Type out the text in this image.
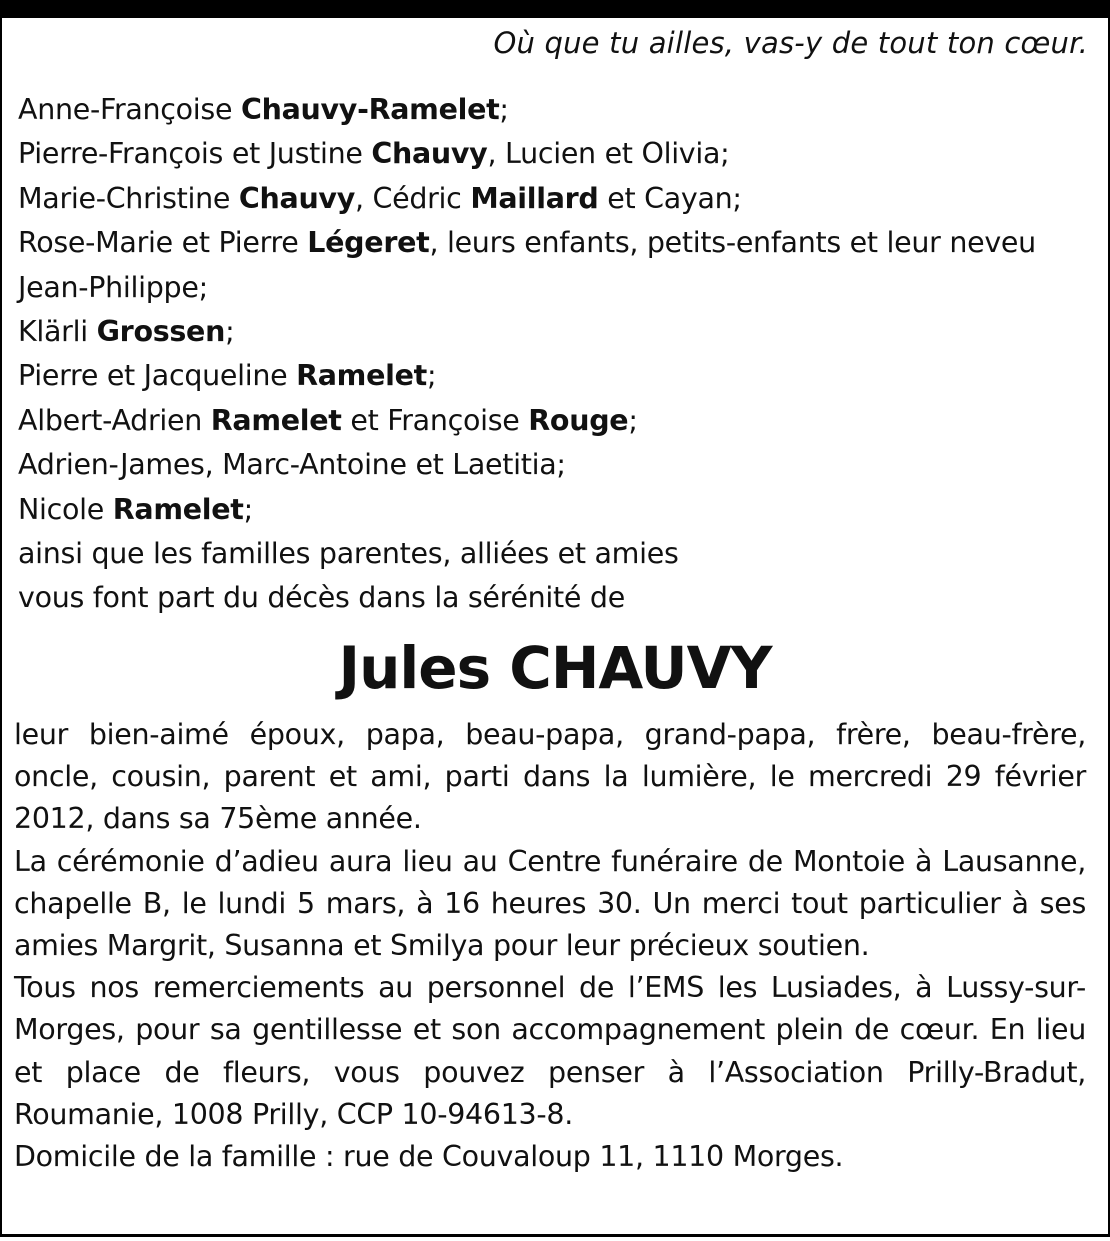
Où que tu ailles, vas-y de tout ton cœur.
Anne-Françoise Chauvy-Ramelet;
Pierre-François et Justine Chauvy, Lucien et Olivia;
Marie-Christine Chauvy, Cédric Maillard et Cayan;
Rose-Marie et Pierre Légeret, leurs enfants, petits-enfants et leur neveu
Jean-Philippe;
Klärli Grossen;
Pierre et Jacqueline Ramelet;
Albert-Adrien Ramelet et Françoise Rouge;
Adrien-James, Marc-Antoine et Laetitia;
Nicole Ramelet;
ainsi que les familles parentes, alliées et amies
vous font part du décès dans la sérénité de
Jules CHAUVY
leur bien-aimé époux, papa, beau-papa, grand-papa, frère, beau-frère, oncle, cousin, parent et ami, parti dans la lumière, le mercredi 29 février 2012, dans sa 75ème année.
La cérémonie d’adieu aura lieu au Centre funéraire de Montoie à Lausanne, chapelle B, le lundi 5 mars, à 16 heures 30. Un merci tout particulier à ses amies Margrit, Susanna et Smilya pour leur précieux soutien.
Tous nos remerciements au personnel de l’EMS les Lusiades, à Lussy-sur-Morges, pour sa gentillesse et son accompagnement plein de cœur. En lieu et place de fleurs, vous pouvez penser à l’Association Prilly-Bradut, Roumanie, 1008 Prilly, CCP 10-94613-8.
Domicile de la famille : rue de Couvaloup 11, 1110 Morges.
